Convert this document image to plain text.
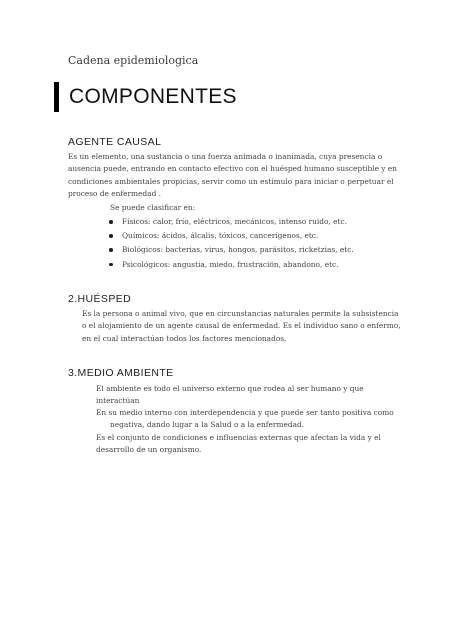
Cadena epidemiologica
COMPONENTES
AGENTE CAUSAL
Es un elemento, una sustancia o una fuerza animada o inanimada, cuya presencia o
ausencia puede, entrando en contacto efectivo con el huésped humano susceptible y en
condiciones ambientales propicias, servir como un estímulo para iniciar o perpetuar el
proceso de enfermedad .
Se puede clasificar en:
Físicos: calor, frío, eléctricos, mecánicos, intenso ruido, etc.
Químicos: ácidos, álcalis, tóxicos, cancerígenos, etc.
Biológicos: bacterias, virus, hongos, parásitos, ricketzias, etc.
Psicológicos: angustia, miedo, frustración, abandono, etc.
2.HUÉSPED
Es la persona o animal vivo, que en circunstancias naturales permite la subsistencia
o el alojamiento de un agente causal de enfermedad. Es el individuo sano o enfermo,
en el cual interactúan todos los factores mencionados.
3.MEDIO AMBIENTE
El ambiente es todo el universo externo que rodea al ser humano y que
interactúan
En su medio interno con interdependencia y que puede ser tanto positiva como
negativa, dando lugar a la Salud o a la enfermedad.
Es el conjunto de condiciones e influencias externas que afectan la vida y el
desarrollo de un organismo.
